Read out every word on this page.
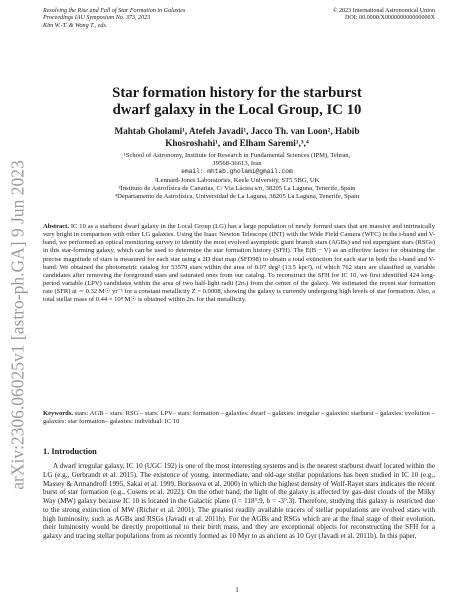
arXiv:2306.06025v1 [astro-ph.GA] 9 Jun 2023
Resolving the Rise and Fall of Star Formation in Galaxies
Proceedings IAU Symposium No. 373, 2023
Kim W.-T. & Wong T., eds.
© 2023 International Astronomical Union
DOI: 00.0000/X000000000000000X
Star formation history for the starburst
dwarf galaxy in the Local Group, IC 10
Mahtab Gholami¹, Atefeh Javadi¹, Jacco Th. van Loon², Habib
Khosroshahi¹, and Elham Saremi¹,³,⁴
¹School of Astronomy, Institute for Research in Fundamental Sciences (IPM), Tehran,
19568-36613, Iran
email: mhtab.gholami@gmail.com
²Lennard-Jones Laboratories, Keele University, ST5 5BG, UK
³Instituto de Astrofísica de Canarias, C/ Vía Láctea s/n, 38205 La Laguna, Tenerife, Spain
⁴Departamento de Astrofísica, Universidad de La Laguna, 38205 La Laguna, Tenerife, Spain
Abstract. IC 10 as a starburst dwarf galaxy in the Local Group (LG) has a large population of newly formed stars that are massive and intrinsically very bright in comparison with other LG galaxies. Using the Isaac Newton Telescope (INT) with the Wide Field Camera (WFC) in the i-band and V-band, we performed an optical monitoring survey to identify the most evolved asymptotic giant branch stars (AGBs) and red supergiant stars (RSGs) in this star-forming galaxy, which can be used to determine the star formation history (SFH). The E(B − V) as an effective factor for obtaining the precise magnitude of stars is measured for each star using a 2D dust map (SFD98) to obtain a total extinction for each star in both the i-band and V-band. We obtained the photometric catalog for 53579 stars within the area of 0.07 deg² (13.5 kpc²), of which 762 stars are classified as variable candidates after removing the foreground stars and saturated ones from our catalog. To reconstruct the SFH for IC 10, we first identified 424 long-period variable (LPV) candidates within the area of two half-light radii (2rₕ) from the center of the galaxy. We estimated the recent star formation rate (SFR) at ∼ 0.32 M☉ yr⁻¹ for a constant metallicity Z = 0.0008, showing the galaxy is currently undergoing high levels of star formation. Also, a total stellar mass of 0.44 × 10⁸ M☉ is obtained within 2rₕ for that metallicity.
Keywords. stars: AGB – stars: RSG – stars: LPV– stars: formation – galaxies: dwarf – galaxies: irregular – galaxies: starburst – galaxies: evolution – galaxies: star formation– galaxies: individual: IC 10
1. Introduction

A dwarf irregular galaxy, IC 10 (UGC 192) is one of the most interesting systems and is the nearest starburst dwarf located within the LG (e.g., Gerbrandt et al. 2015). The existence of young, intermediate, and old-age stellar populations has been studied in IC 10 (e.g., Massey & Armandroff 1995, Sakai et al. 1999, Borissova et al. 2000) in which the highest density of Wolf-Rayet stars indicates the recent burst of star formation (e.g., Cosens et al. 2022). On the other hand, the light of the galaxy is affected by gas-dust clouds of the Milky Way (MW) galaxy because IC 10 is located in the Galactic plane (l = 118°.9, b = -3°.3). Therefore, studying this galaxy is restricted due to the strong extinction of MW (Richer et al. 2001). The greatest readily available tracers of stellar populations are evolved stars with high luminosity, such as AGBs and RSGs (Javadi et al. 2011b). For the AGBs and RSGs which are at the final stage of their evolution, their luminosity would be directly proportional to their birth mass, and they are exceptional objects for reconstructing the SFH for a galaxy and tracing stellar populations from as recently formed as 10 Myr to as ancient as 10 Gyr (Javadi et al. 2011b). In this paper,

1
